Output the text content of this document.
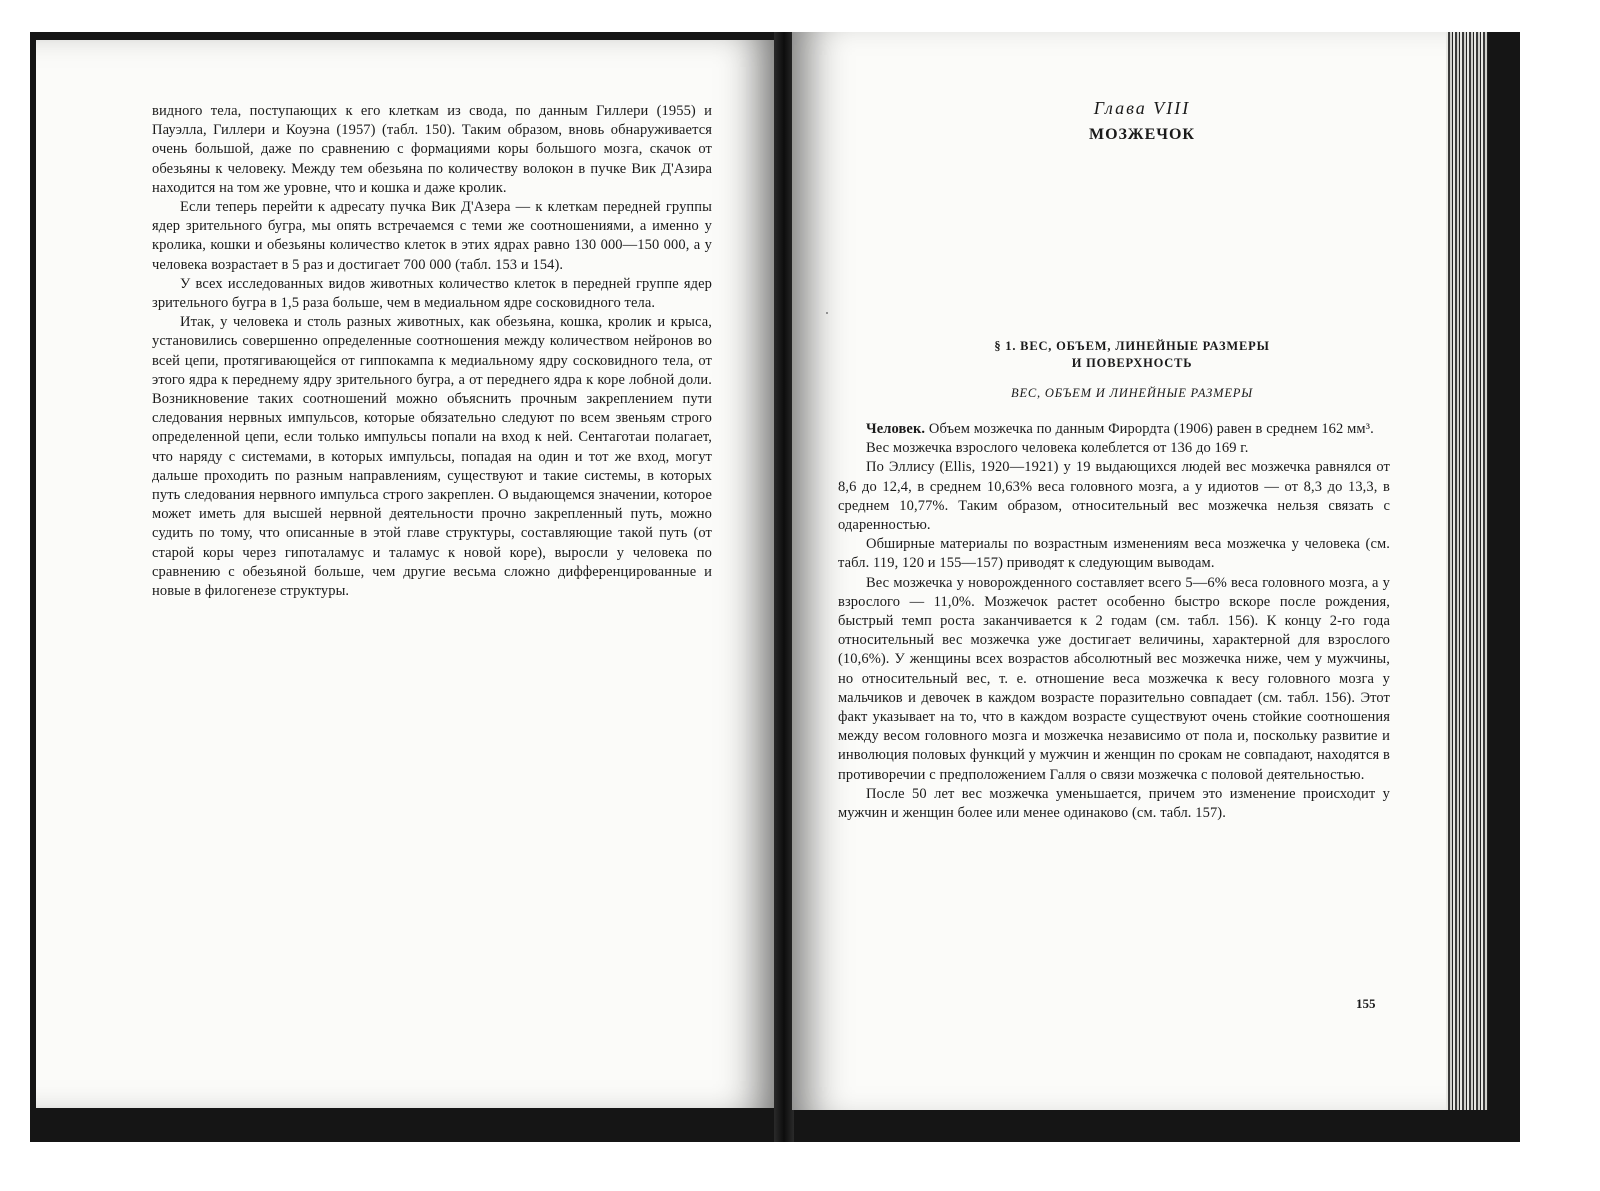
видного тела, поступающих к его клеткам из свода, по данным Гиллери (1955) и Пауэлла, Гиллери и Коуэна (1957) (табл. 150). Таким образом, вновь обнаруживается очень большой, даже по сравнению с формациями коры большого мозга, скачок от обезьяны к человеку. Между тем обезьяна по количеству волокон в пучке Вик Д'Азира находится на том же уровне, что и кошка и даже кролик.

Если теперь перейти к адресату пучка Вик Д'Азера — к клеткам передней группы ядер зрительного бугра, мы опять встречаемся с теми же соотношениями, а именно у кролика, кошки и обезьяны количество клеток в этих ядрах равно 130 000—150 000, а у человека возрастает в 5 раз и достигает 700 000 (табл. 153 и 154).

У всех исследованных видов животных количество клеток в передней группе ядер зрительного бугра в 1,5 раза больше, чем в медиальном ядре сосковидного тела.

Итак, у человека и столь разных животных, как обезьяна, кошка, кролик и крыса, установились совершенно определенные соотношения между количеством нейронов во всей цепи, протягивающейся от гиппокампа к медиальному ядру сосковидного тела, от этого ядра к переднему ядру зрительного бугра, а от переднего ядра к коре лобной доли. Возникновение таких соотношений можно объяснить прочным закреплением пути следования нервных импульсов, которые обязательно следуют по всем звеньям строго определенной цепи, если только импульсы попали на вход к ней. Сентаготаи полагает, что наряду с системами, в которых импульсы, попадая на один и тот же вход, могут дальше проходить по разным направлениям, существуют и такие системы, в которых путь следования нервного импульса строго закреплен. О выдающемся значении, которое может иметь для высшей нервной деятельности прочно закрепленный путь, можно судить по тому, что описанные в этой главе структуры, составляющие такой путь (от старой коры через гипоталамус и таламус к новой коре), выросли у человека по сравнению с обезьяной больше, чем другие весьма сложно дифференцированные и новые в филогенезе структуры.

Глава VIII
МОЗЖЕЧОК
§ 1. ВЕС, ОБЪЕМ, ЛИНЕЙНЫЕ РАЗМЕРЫ
И ПОВЕРХНОСТЬ
ВЕС, ОБЪЕМ И ЛИНЕЙНЫЕ РАЗМЕРЫ

Человек. Объем мозжечка по данным Фирордта (1906) равен в среднем 162 мм³.

Вес мозжечка взрослого человека колеблется от 136 до 169 г.

По Эллису (Ellis, 1920—1921) у 19 выдающихся людей вес мозжечка равнялся от 8,6 до 12,4, в среднем 10,63% веса головного мозга, а у идиотов — от 8,3 до 13,3, в среднем 10,77%. Таким образом, относительный вес мозжечка нельзя связать с одаренностью.

Обширные материалы по возрастным изменениям веса мозжечка у человека (см. табл. 119, 120 и 155—157) приводят к следующим выводам.

Вес мозжечка у новорожденного составляет всего 5—6% веса головного мозга, а у взрослого — 11,0%. Мозжечок растет особенно быстро вскоре после рождения, быстрый темп роста заканчивается к 2 годам (см. табл. 156). К концу 2-го года относительный вес мозжечка уже достигает величины, характерной для взрослого (10,6%). У женщины всех возрастов абсолютный вес мозжечка ниже, чем у мужчины, но относительный вес, т. е. отношение веса мозжечка к весу головного мозга у мальчиков и девочек в каждом возрасте поразительно совпадает (см. табл. 156). Этот факт указывает на то, что в каждом возрасте существуют очень стойкие соотношения между весом головного мозга и мозжечка независимо от пола и, поскольку развитие и инволюция половых функций у мужчин и женщин по срокам не совпадают, находятся в противоречии с предположением Галля о связи мозжечка с половой деятельностью.

После 50 лет вес мозжечка уменьшается, причем это изменение происходит у мужчин и женщин более или менее одинаково (см. табл. 157).

155
